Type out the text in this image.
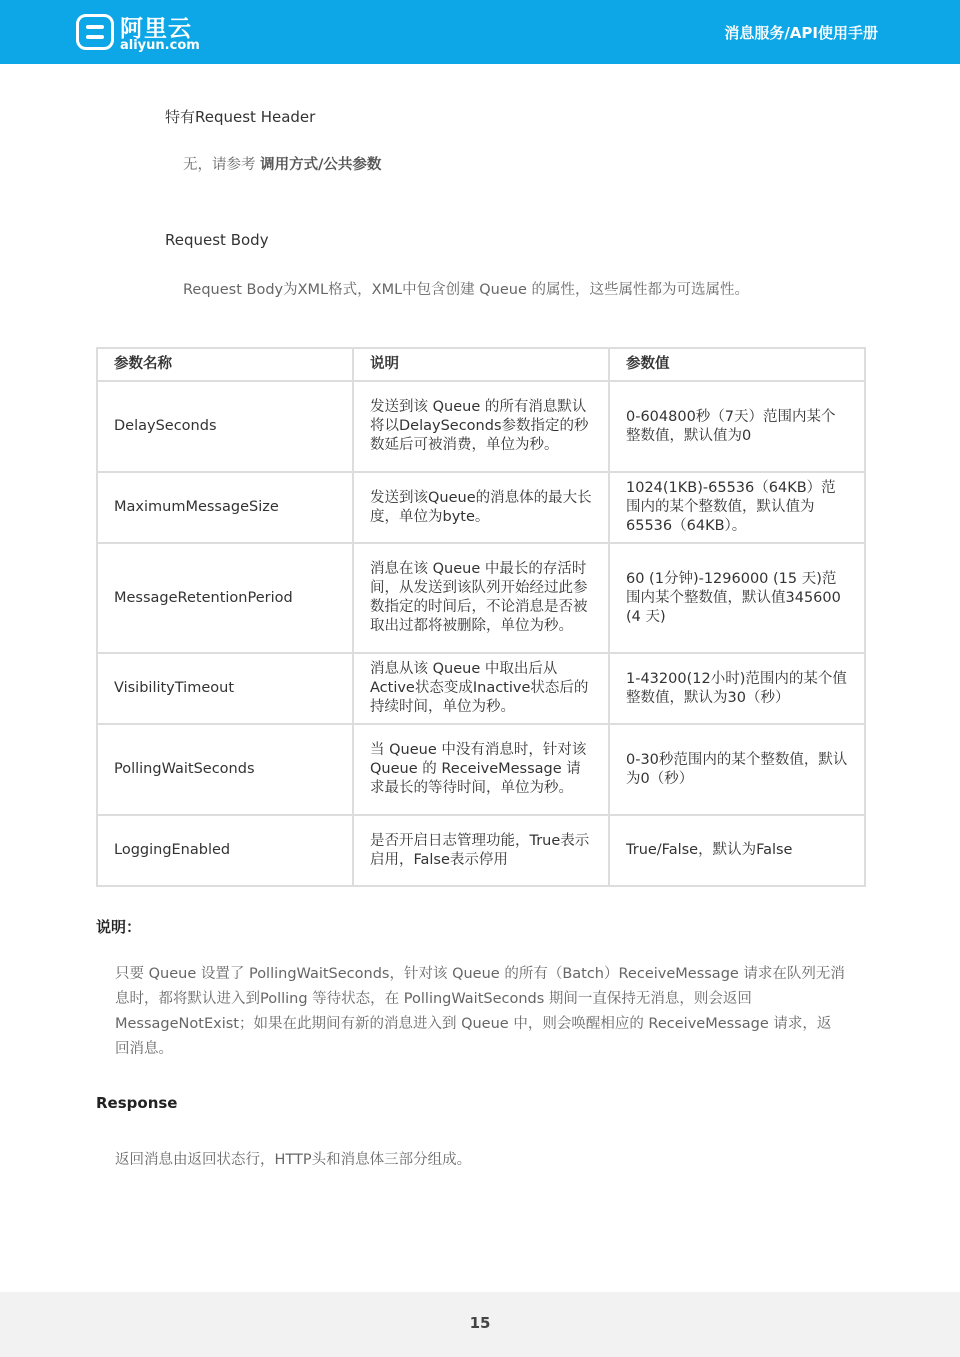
阿里云
aliyun.com
消息服务/API使用手册
特有Request Header
无，请参考 调用方式/公共参数
Request Body
Request Body为XML格式，XML中包含创建 Queue 的属性，这些属性都为可选属性。
参数名称	说明	参数值
DelaySeconds	发送到该 Queue 的所有消息默认将以DelaySeconds参数指定的秒数延后可被消费，单位为秒。	0-604800秒（7天）范围内某个整数值，默认值为0
MaximumMessageSize	发送到该Queue的消息体的最大长度，单位为byte。	1024(1KB)-65536（64KB）范围内的某个整数值，默认值为65536（64KB）。
MessageRetentionPeriod	消息在该 Queue 中最长的存活时间，从发送到该队列开始经过此参数指定的时间后，不论消息是否被取出过都将被删除，单位为秒。	60 (1分钟)-1296000 (15 天)范围内某个整数值，默认值345600 (4 天)
VisibilityTimeout	消息从该 Queue 中取出后从Active状态变成Inactive状态后的持续时间，单位为秒。	1-43200(12小时)范围内的某个值整数值，默认为30（秒）
PollingWaitSeconds	当 Queue 中没有消息时，针对该 Queue 的 ReceiveMessage 请求最长的等待时间，单位为秒。	0-30秒范围内的某个整数值，默认为0（秒）
LoggingEnabled	是否开启日志管理功能，True表示启用，False表示停用	True/False，默认为False
说明：
只要 Queue 设置了 PollingWaitSeconds，针对该 Queue 的所有（Batch）ReceiveMessage 请求在队列无消息时，都将默认进入到Polling 等待状态，在 PollingWaitSeconds 期间一直保持无消息，则会返回 MessageNotExist；如果在此期间有新的消息进入到 Queue 中，则会唤醒相应的 ReceiveMessage 请求，返回消息。
Response
返回消息由返回状态行，HTTP头和消息体三部分组成。
15
